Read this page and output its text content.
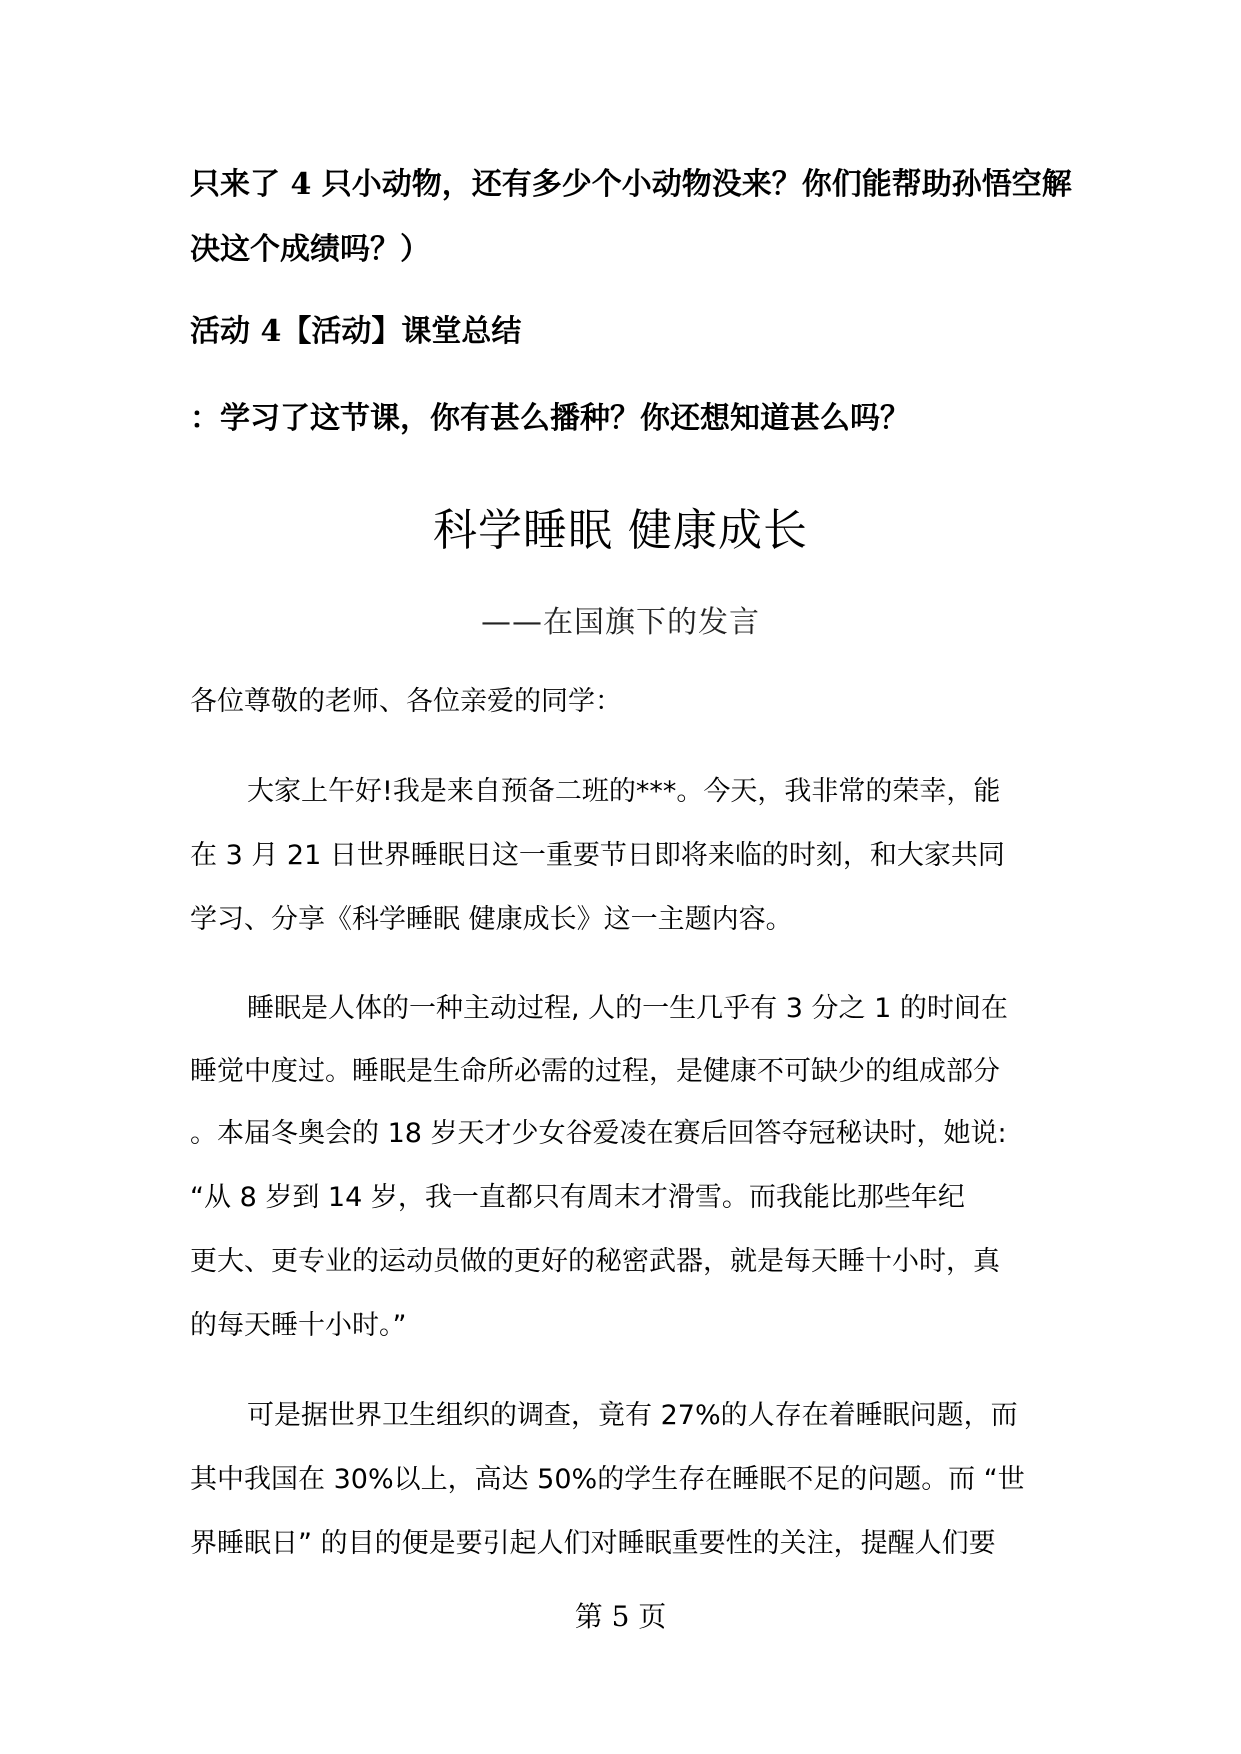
只来了 4 只小动物，还有多少个小动物没来？你们能帮助孙悟空解
决这个成绩吗？）
活动 4【活动】课堂总结
：学习了这节课，你有甚么播种？你还想知道甚么吗？
科学睡眠 健康成长
——在国旗下的发言
各位尊敬的老师、各位亲爱的同学：
大家上午好!我是来自预备二班的***。今天，我非常的荣幸，能
在 3 月 21 日世界睡眠日这一重要节日即将来临的时刻，和大家共同
学习、分享《科学睡眠 健康成长》这一主题内容。
睡眠是人体的一种主动过程, 人的一生几乎有 3 分之 1 的时间在
睡觉中度过。睡眠是生命所必需的过程，是健康不可缺少的组成部分
。本届冬奥会的 18 岁天才少女谷爱凌在赛后回答夺冠秘诀时，她说:
“从 8 岁到 14 岁，我一直都只有周末才滑雪。而我能比那些年纪
更大、更专业的运动员做的更好的秘密武器，就是每天睡十小时，真
的每天睡十小时。”
可是据世界卫生组织的调查，竟有 27%的人存在着睡眠问题，而
其中我国在 30%以上，高达 50%的学生存在睡眠不足的问题。而 “世
界睡眠日” 的目的便是要引起人们对睡眠重要性的关注，提醒人们要
第 5 页
